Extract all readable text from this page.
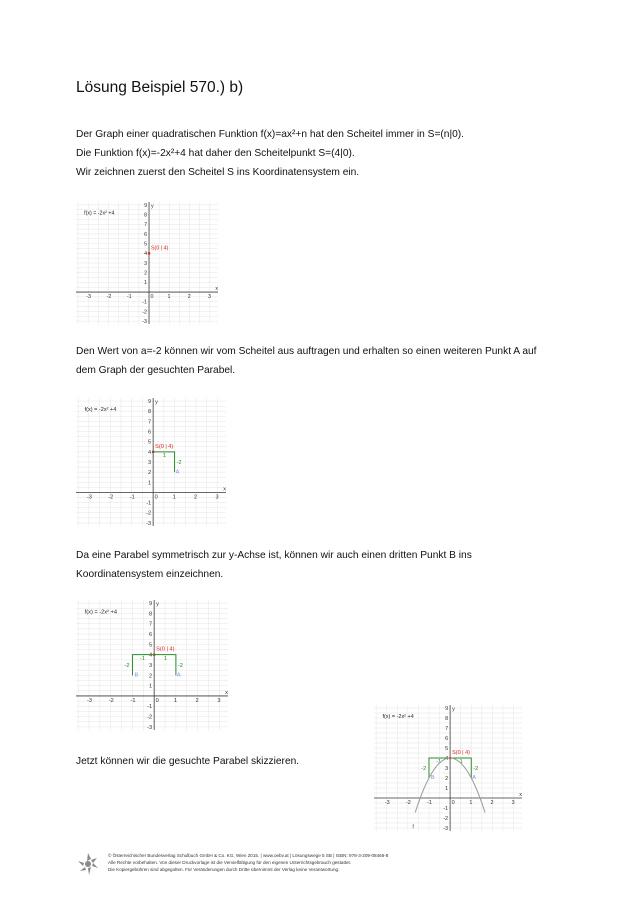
Lösung Beispiel 570.) b)
Der Graph einer quadratischen Funktion f(x)=ax²+n hat den Scheitel immer in S=(n|0).
Die Funktion f(x)=-2x²+4 hat daher den Scheitelpunkt S=(4|0).
Wir zeichnen zuerst den Scheitel S ins Koordinatensystem ein.
x
y
-3	-2	-1	0	1	2	3
9
8
7
6
5
4
3
2
1
-1
-2
-3
f(x) = -2x² +4
S(0 | 4)
Den Wert von a=-2 können wir vom Scheitel aus auftragen und erhalten so einen weiteren Punkt A auf
dem Graph der gesuchten Parabel.
x
y
-3	-2	-1	0	1	2	3
9
8
7
6
5
4
3
2
1
-1
-2
-3
f(x) = -2x² +4
S(0 | 4)
1
-2
A
Da eine Parabel symmetrisch zur y-Achse ist, können wir auch einen dritten Punkt B ins
Koordinatensystem einzeichnen.
x
y
-3	-2	-1	0	1	2	3
9
8
7
6
5
4
3
2
1
-1
-2
-3
f(x) = -2x² +4
S(0 | 4)
1
-2
A
-1
-2
B
Jetzt können wir die gesuchte Parabel skizzieren.
x
y
-3	-2	-1	0	1	2	3
9
8
7
6
5
4
3
2
1
-1
-2
-3
f(x) = -2x² +4
S(0 | 4)
1
-2
A
-1
-2
B
f
© Österreichischer Bundesverlag Schulbuch GmbH & Co. KG, Wien 2015. | www.oebv.at | Lösungswege 5 SB | ISBN: 978-3-209-08466-8
Alle Rechte vorbehalten. Von dieser Druckvorlage ist die Vervielfältigung für den eigenen Unterrichtsgebrauch gestattet.
Die Kopiergebühren sind abgegolten. Für Veränderungen durch Dritte übernimmt der Verlag keine Verantwortung.
